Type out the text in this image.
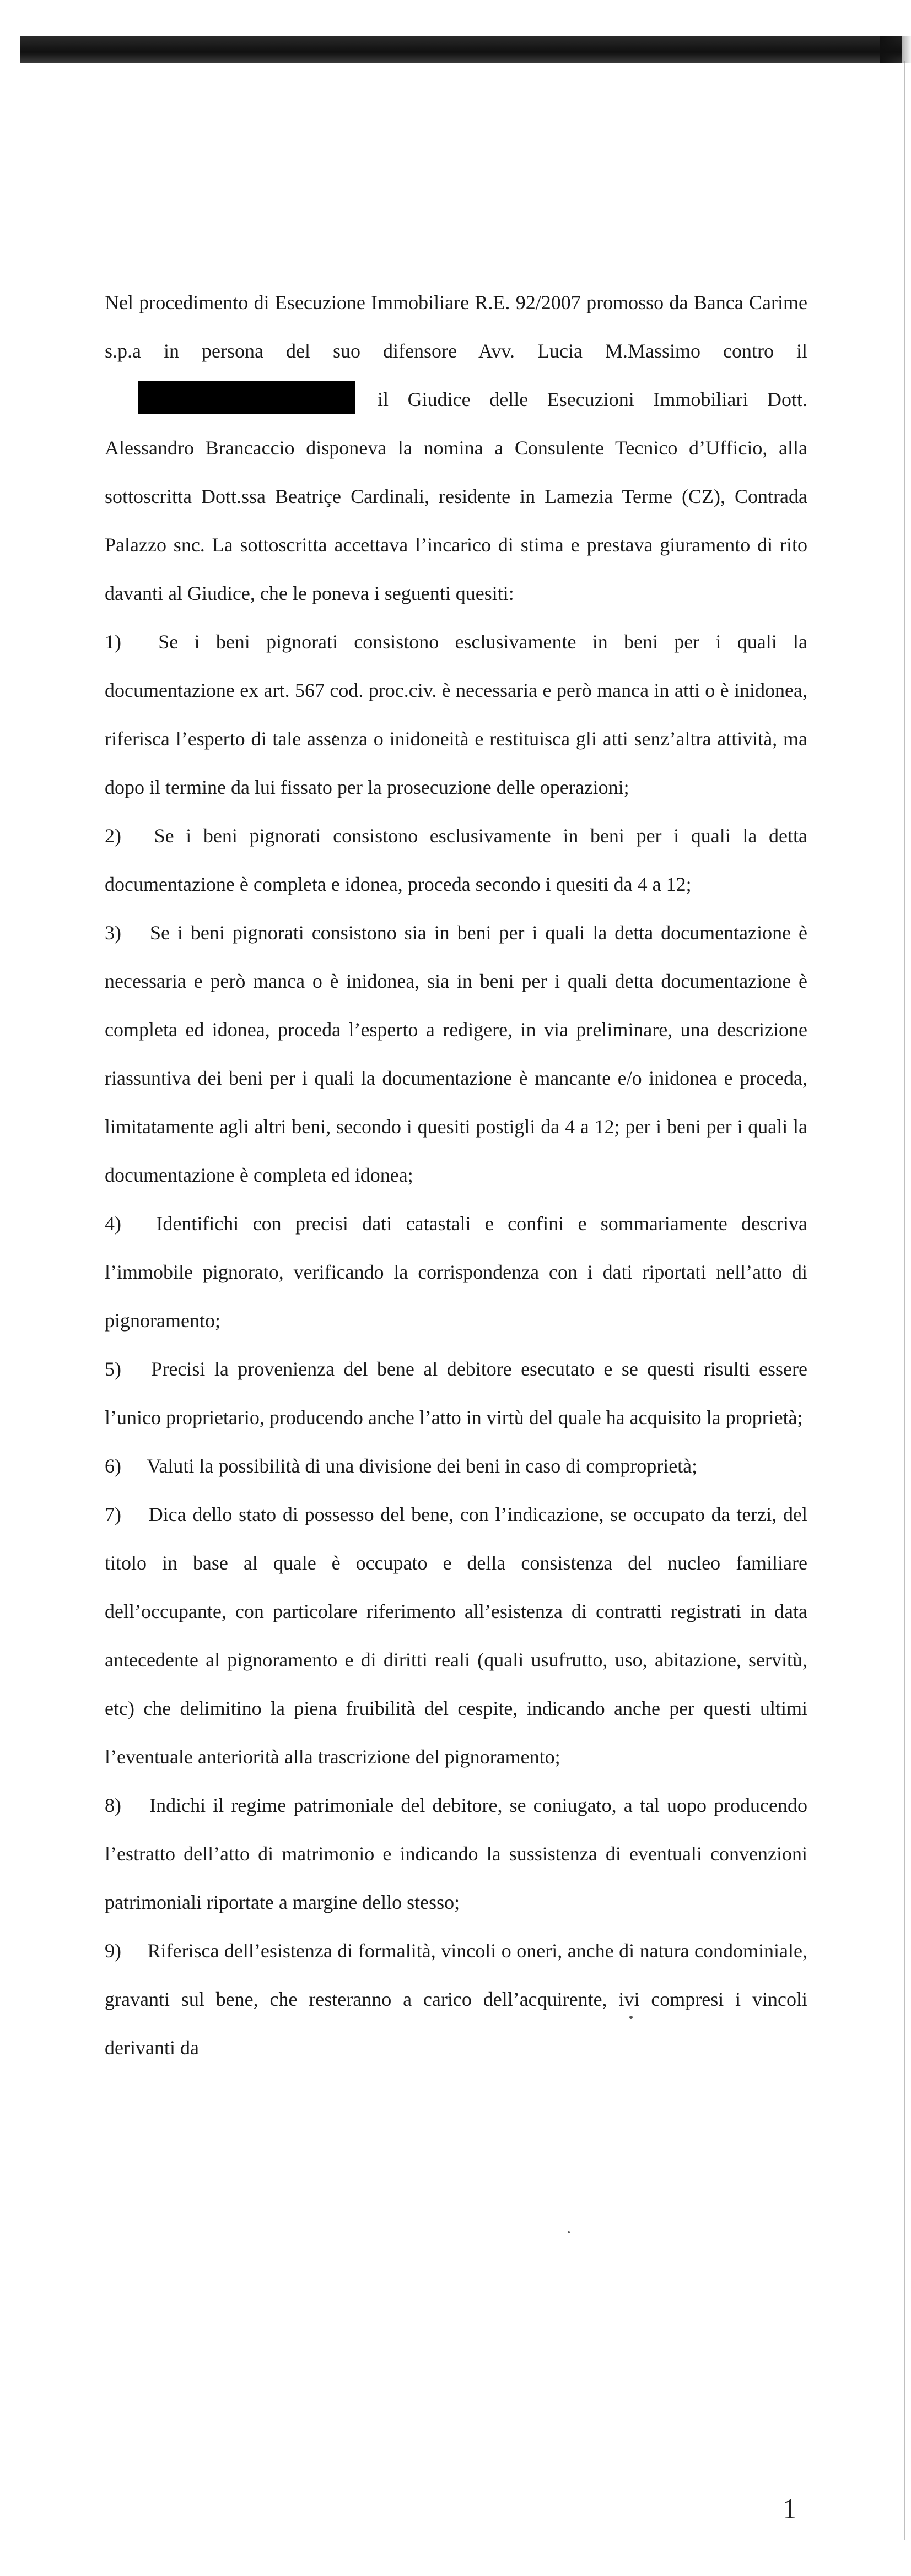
Nel procedimento di Esecuzione Immobiliare R.E. 92/2007 promosso da Banca Carime s.p.a in persona del suo difensore Avv. Lucia M.Massimo contro ilil Giudice delle Esecuzioni Immobiliari Dott. Alessandro Brancaccio disponeva la nomina a Consulente Tecnico d’Ufficio, alla sottoscritta Dott.ssa Beatriçe Cardinali, residente in Lamezia Terme (CZ), Contrada Palazzo snc. La sottoscritta accettava l’incarico di stima e prestava giuramento di rito davanti al Giudice, che le poneva i seguenti quesiti:

1) Se i beni pignorati consistono esclusivamente in beni per i quali la documentazione ex art. 567 cod. proc.civ. è necessaria e però manca in atti o è inidonea, riferisca l’esperto di tale assenza o inidoneità e restituisca gli atti senz’altra attività, ma dopo il termine da lui fissato per la prosecuzione delle operazioni;

2) Se i beni pignorati consistono esclusivamente in beni per i quali la detta documentazione è completa e idonea, proceda secondo i quesiti da 4 a 12;

3) Se i beni pignorati consistono sia in beni per i quali la detta documentazione è necessaria e però manca o è inidonea, sia in beni per i quali detta documentazione è completa ed idonea, proceda l’esperto a redigere, in via preliminare, una descrizione riassuntiva dei beni per i quali la documentazione è mancante e/o inidonea e proceda, limitatamente agli altri beni, secondo i quesiti postigli da 4 a 12; per i beni per i quali la documentazione è completa ed idonea;

4) Identifichi con precisi dati catastali e confini e sommariamente descriva l’immobile pignorato, verificando la corrispondenza con i dati riportati nell’atto di pignoramento;

5) Precisi la provenienza del bene al debitore esecutato e se questi risulti essere l’unico proprietario, producendo anche l’atto in virtù del quale ha acquisito la proprietà;

6) Valuti la possibilità di una divisione dei beni in caso di comproprietà;

7) Dica dello stato di possesso del bene, con l’indicazione, se occupato da terzi, del titolo in base al quale è occupato e della consistenza del nucleo familiare dell’occupante, con particolare riferimento all’esistenza di contratti registrati in data antecedente al pignoramento e di diritti reali (quali usufrutto, uso, abitazione, servitù, etc) che delimitino la piena fruibilità del cespite, indicando anche per questi ultimi l’eventuale anteriorità alla trascrizione del pignoramento;

8) Indichi il regime patrimoniale del debitore, se coniugato, a tal uopo producendo l’estratto dell’atto di matrimonio e indicando la sussistenza di eventuali convenzioni patrimoniali riportate a margine dello stesso;

9) Riferisca dell’esistenza di formalità, vincoli o oneri, anche di natura condominiale, gravanti sul bene, che resteranno a carico dell’acquirente, ivi compresi i vincoli derivanti da

1
